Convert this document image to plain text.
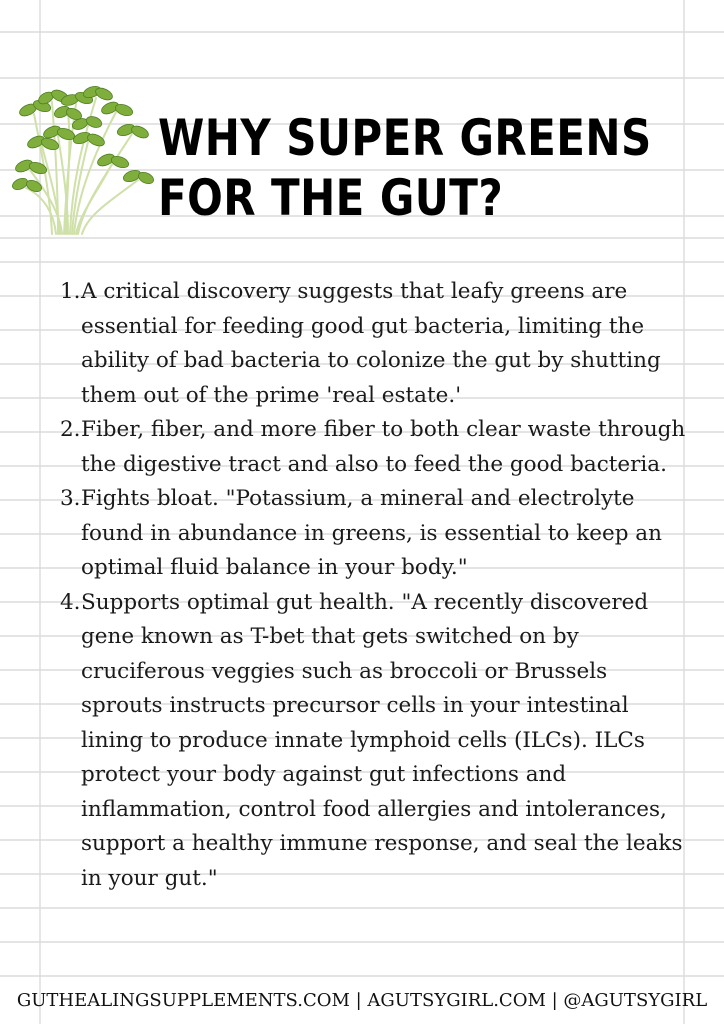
WHY SUPER GREENS
FOR THE GUT?
1. A critical discovery suggests that leafy greens are essential for feeding good gut bacteria, limiting the ability of bad bacteria to colonize the gut by shutting them out of the prime 'real estate.'
2. Fiber, fiber, and more fiber to both clear waste through the digestive tract and also to feed the good bacteria.
3. Fights bloat. "Potassium, a mineral and electrolyte found in abundance in greens, is essential to keep an optimal fluid balance in your body."
4. Supports optimal gut health. "A recently discovered gene known as T-bet that gets switched on by cruciferous veggies such as broccoli or Brussels sprouts instructs precursor cells in your intestinal lining to produce innate lymphoid cells (ILCs). ILCs protect your body against gut infections and inflammation, control food allergies and intolerances, support a healthy immune response, and seal the leaks in your gut."
GUTHEALINGSUPPLEMENTS.COM | AGUTSYGIRL.COM | @AGUTSYGIRL
